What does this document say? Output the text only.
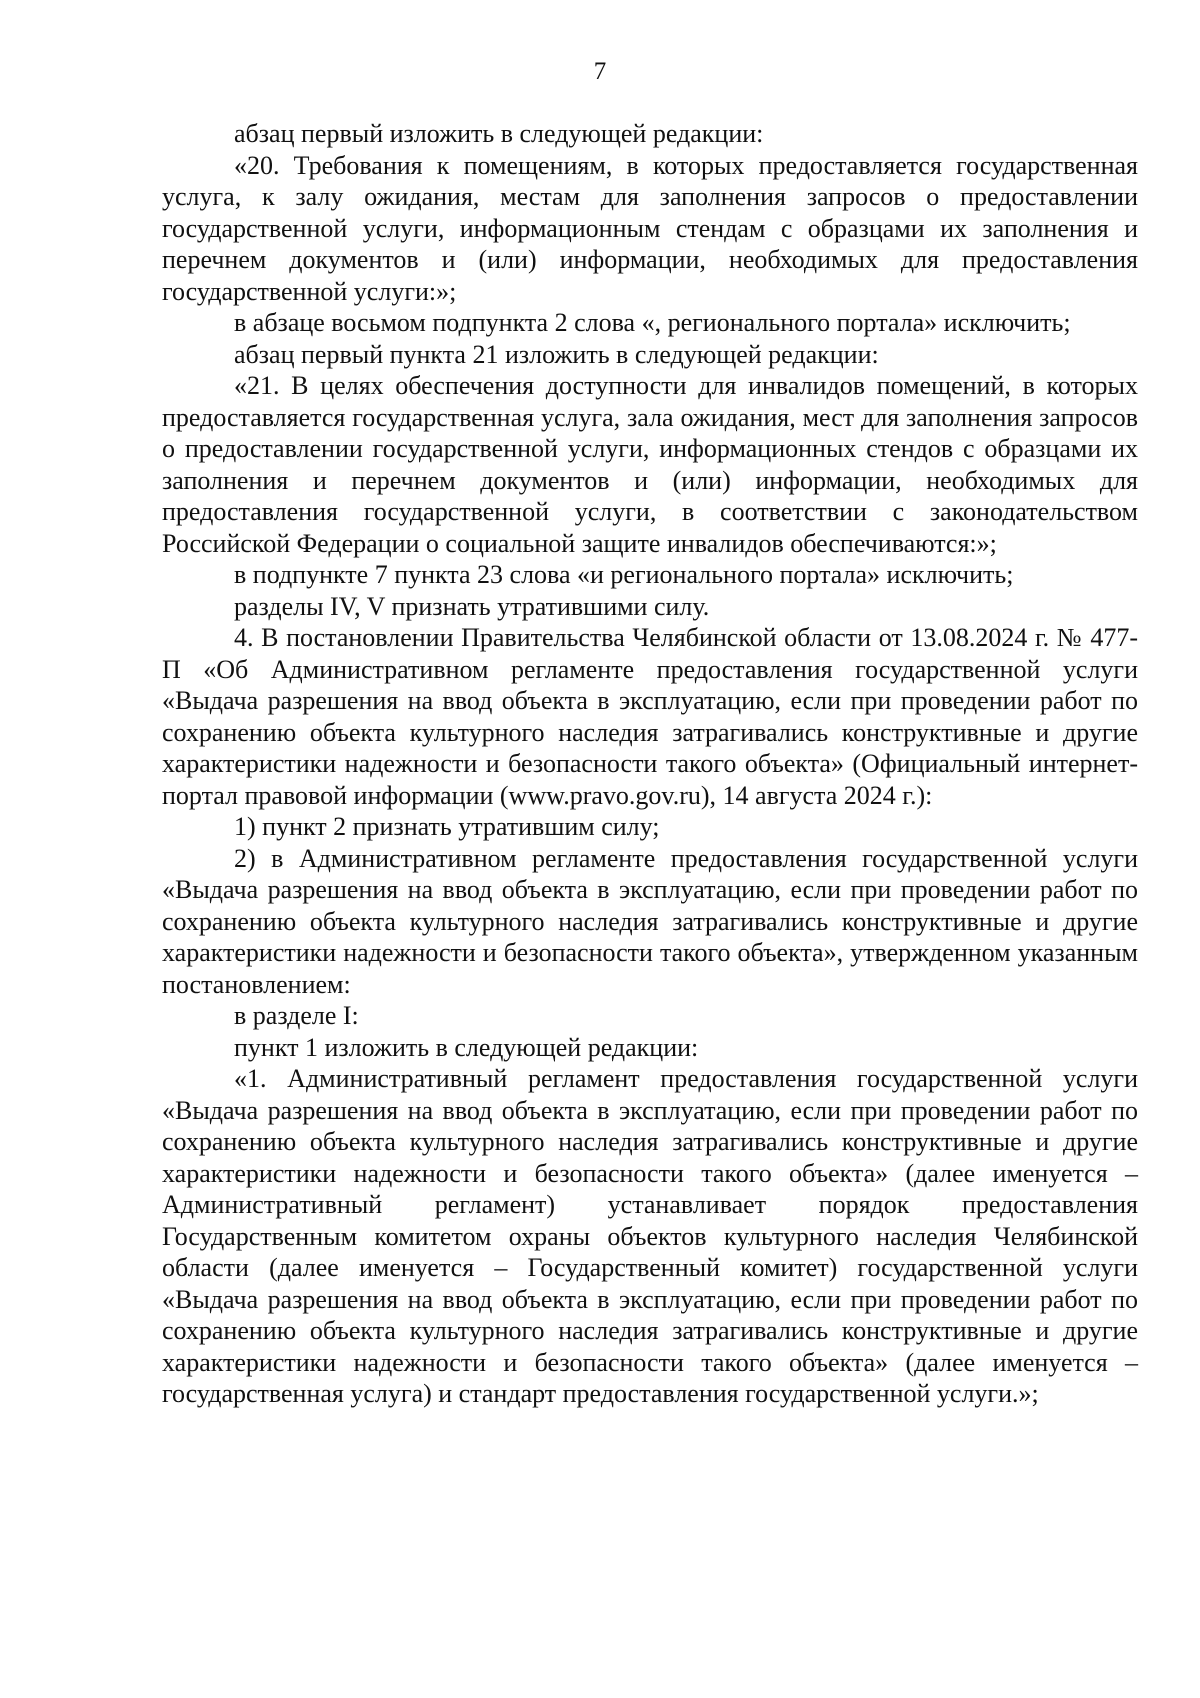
7

абзац первый изложить в следующей редакции:

«20. Требования к помещениям, в которых предоставляется государственная услуга, к залу ожидания, местам для заполнения запросов о предоставлении государственной услуги, информационным стендам с образцами их заполнения и перечнем документов и (или) информации, необходимых для предоставления государственной услуги:»;

в абзаце восьмом подпункта 2 слова «, регионального портала» исключить;

абзац первый пункта 21 изложить в следующей редакции:

«21. В целях обеспечения доступности для инвалидов помещений, в которых предоставляется государственная услуга, зала ожидания, мест для заполнения запросов о предоставлении государственной услуги, информационных стендов с образцами их заполнения и перечнем документов и (или) информации, необходимых для предоставления государственной услуги, в соответствии с законодательством Российской Федерации о социальной защите инвалидов обеспечиваются:»;

в подпункте 7 пункта 23 слова «и регионального портала» исключить;

разделы IV, V признать утратившими силу.

4. В постановлении Правительства Челябинской области от 13.08.2024 г. № 477-П «Об Административном регламенте предоставления государственной услуги «Выдача разрешения на ввод объекта в эксплуатацию, если при проведении работ по сохранению объекта культурного наследия затрагивались конструктивные и другие характеристики надежности и безопасности такого объекта» (Официальный интернет-портал правовой информации (www.pravo.gov.ru), 14 августа 2024 г.):

1) пункт 2 признать утратившим силу;

2) в Административном регламенте предоставления государственной услуги «Выдача разрешения на ввод объекта в эксплуатацию, если при проведении работ по сохранению объекта культурного наследия затрагивались конструктивные и другие характеристики надежности и безопасности такого объекта», утвержденном указанным постановлением:

в разделе I:

пункт 1 изложить в следующей редакции:

«1. Административный регламент предоставления государственной услуги «Выдача разрешения на ввод объекта в эксплуатацию, если при проведении работ по сохранению объекта культурного наследия затрагивались конструктивные и другие характеристики надежности и безопасности такого объекта» (далее именуется – Административный регламент) устанавливает порядок предоставления Государственным комитетом охраны объектов культурного наследия Челябинской области (далее именуется – Государственный комитет) государственной услуги «Выдача разрешения на ввод объекта в эксплуатацию, если при проведении работ по сохранению объекта культурного наследия затрагивались конструктивные и другие характеристики надежности и безопасности такого объекта» (далее именуется – государственная услуга) и стандарт предоставления государственной услуги.»;
